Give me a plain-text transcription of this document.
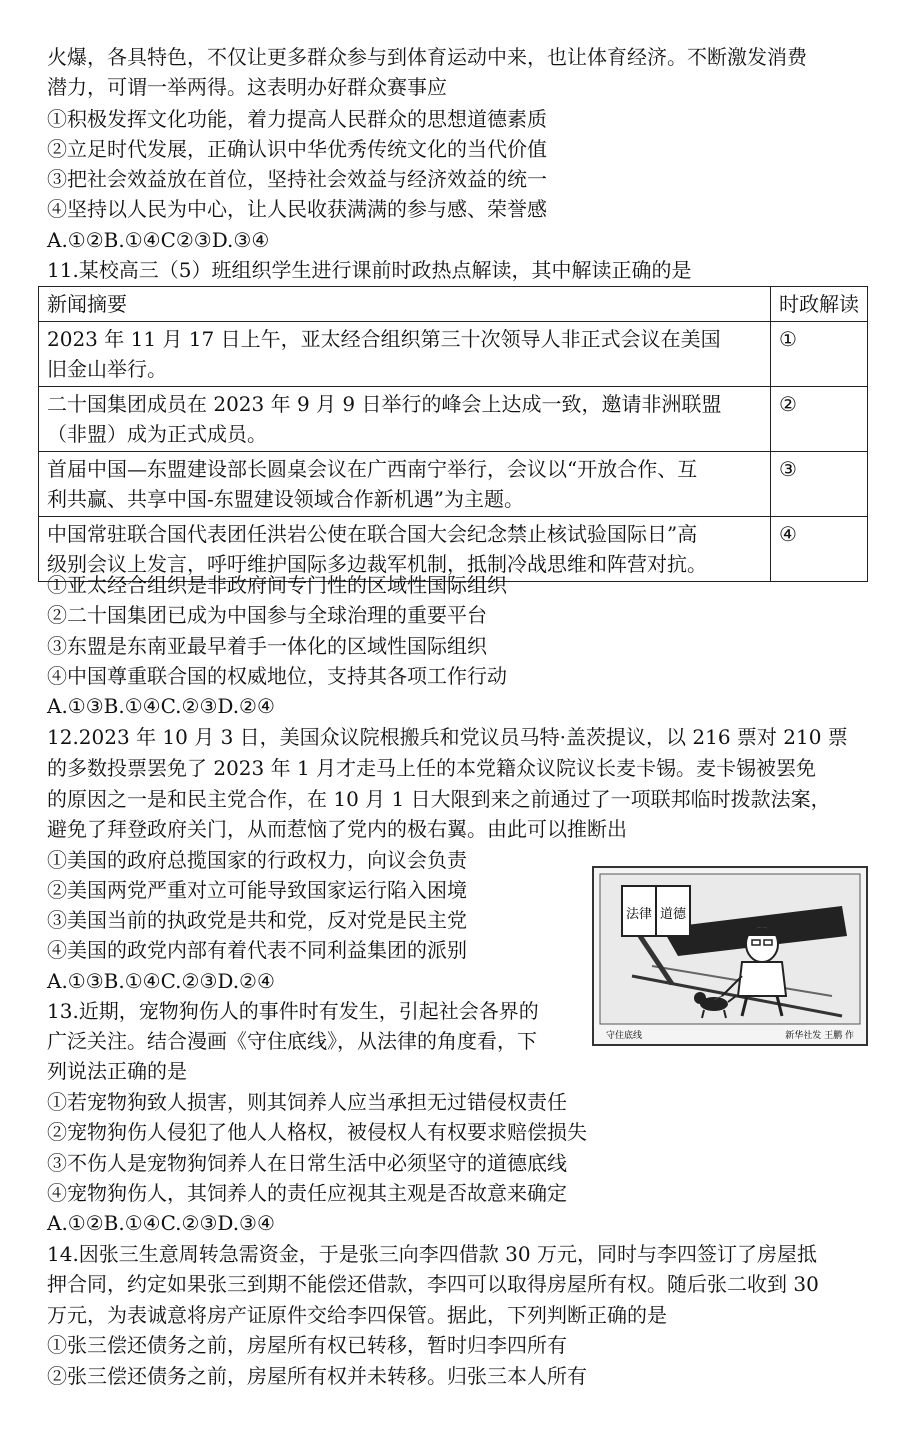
火爆，各具特色，不仅让更多群众参与到体育运动中来，也让体育经济。不断激发消费
潜力，可谓一举两得。这表明办好群众赛事应
①积极发挥文化功能，着力提高人民群众的思想道德素质
②立足时代发展，正确认识中华优秀传统文化的当代价值
③把社会效益放在首位，坚持社会效益与经济效益的统一
④坚持以人民为中心，让人民收获满满的参与感、荣誉感
A.①②B.①④C②③D.③④
11.某校高三（5）班组织学生进行课前时政热点解读，其中解读正确的是
新闻摘要	时政解读

2023 年 11 月 17 日上午，亚太经合组织第三十次领导人非正式会议在美国
旧金山举行。	①

二十国集团成员在 2023 年 9 月 9 日举行的峰会上达成一致，邀请非洲联盟
（非盟）成为正式成员。	②

首届中国—东盟建设部长圆桌会议在广西南宁举行，会议以“开放合作、互
利共赢、共享中国-东盟建设领域合作新机遇”为主题。	③

中国常驻联合国代表团任洪岩公使在联合国大会纪念禁止核试验国际日”高
级别会议上发言，呼吁维护国际多边裁军机制，抵制冷战思维和阵营对抗。	④
①亚太经合组织是非政府间专门性的区域性国际组织
②二十国集团已成为中国参与全球治理的重要平台
③东盟是东南亚最早着手一体化的区域性国际组织
④中国尊重联合国的权威地位，支持其各项工作行动
A.①③B.①④C.②③D.②④
12.2023 年 10 月 3 日，美国众议院根搬兵和党议员马特·盖茨提议，以 216 票对 210 票
的多数投票罢免了 2023 年 1 月才走马上任的本党籍众议院议长麦卡锡。麦卡锡被罢免
的原因之一是和民主党合作，在 10 月 1 日大限到来之前通过了一项联邦临时拨款法案，
避免了拜登政府关门，从而惹恼了党内的极右翼。由此可以推断出
①美国的政府总揽国家的行政权力，向议会负责
②美国两党严重对立可能导致国家运行陷入困境
③美国当前的执政党是共和党，反对党是民主党
④美国的政党内部有着代表不同利益集团的派别
A.①③B.①④C.②③D.②④
法律 道德
守住底线	新华社发 王鹏 作
13.近期，宠物狗伤人的事件时有发生，引起社会各界的
广泛关注。结合漫画《守住底线》，从法律的角度看，下
列说法正确的是
①若宠物狗致人损害，则其饲养人应当承担无过错侵权责任
②宠物狗伤人侵犯了他人人格权，被侵权人有权要求赔偿损失
③不伤人是宠物狗饲养人在日常生活中必须坚守的道德底线
④宠物狗伤人，其饲养人的责任应视其主观是否故意来确定
A.①②B.①④C.②③D.③④
14.因张三生意周转急需资金，于是张三向李四借款 30 万元，同时与李四签订了房屋抵
押合同，约定如果张三到期不能偿还借款，李四可以取得房屋所有权。随后张二收到 30
万元，为表诚意将房产证原件交给李四保管。据此，下列判断正确的是
①张三偿还债务之前，房屋所有权已转移，暂时归李四所有
②张三偿还债务之前，房屋所有权并未转移。归张三本人所有
